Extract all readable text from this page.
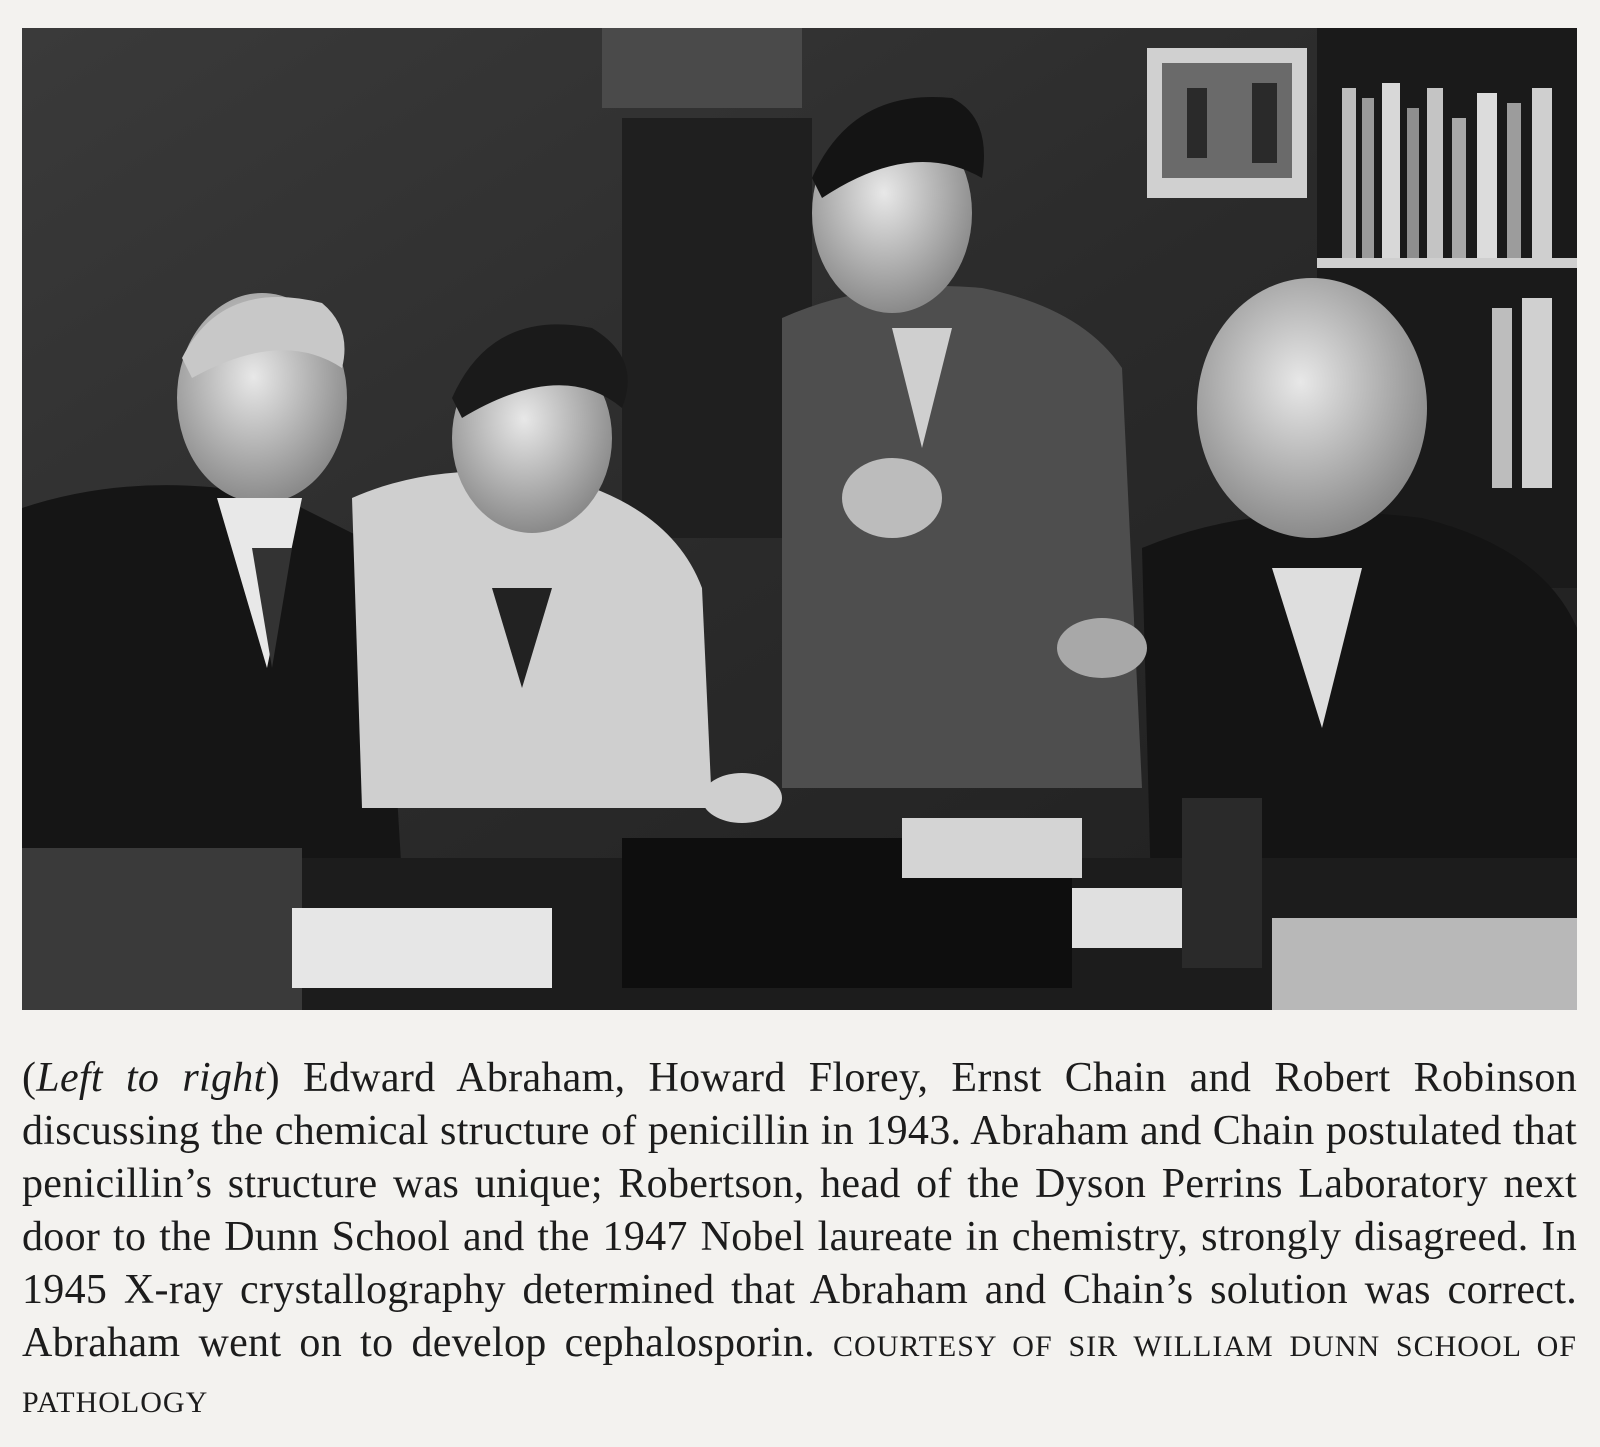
(Left to right) Edward Abraham, Howard Florey, Ernst Chain and Robert Robinson discussing the chemical structure of penicillin in 1943. Abraham and Chain postulated that penicillin’s structure was unique; Robertson, head of the Dyson Perrins Laboratory next door to the Dunn School and the 1947 Nobel laureate in chemistry, strongly disagreed. In 1945 X-ray crystallography determined that Abraham and Chain’s solution was correct. Abraham went on to develop cephalosporin. COURTESY OF SIR WILLIAM DUNN SCHOOL OF PATHOLOGY
